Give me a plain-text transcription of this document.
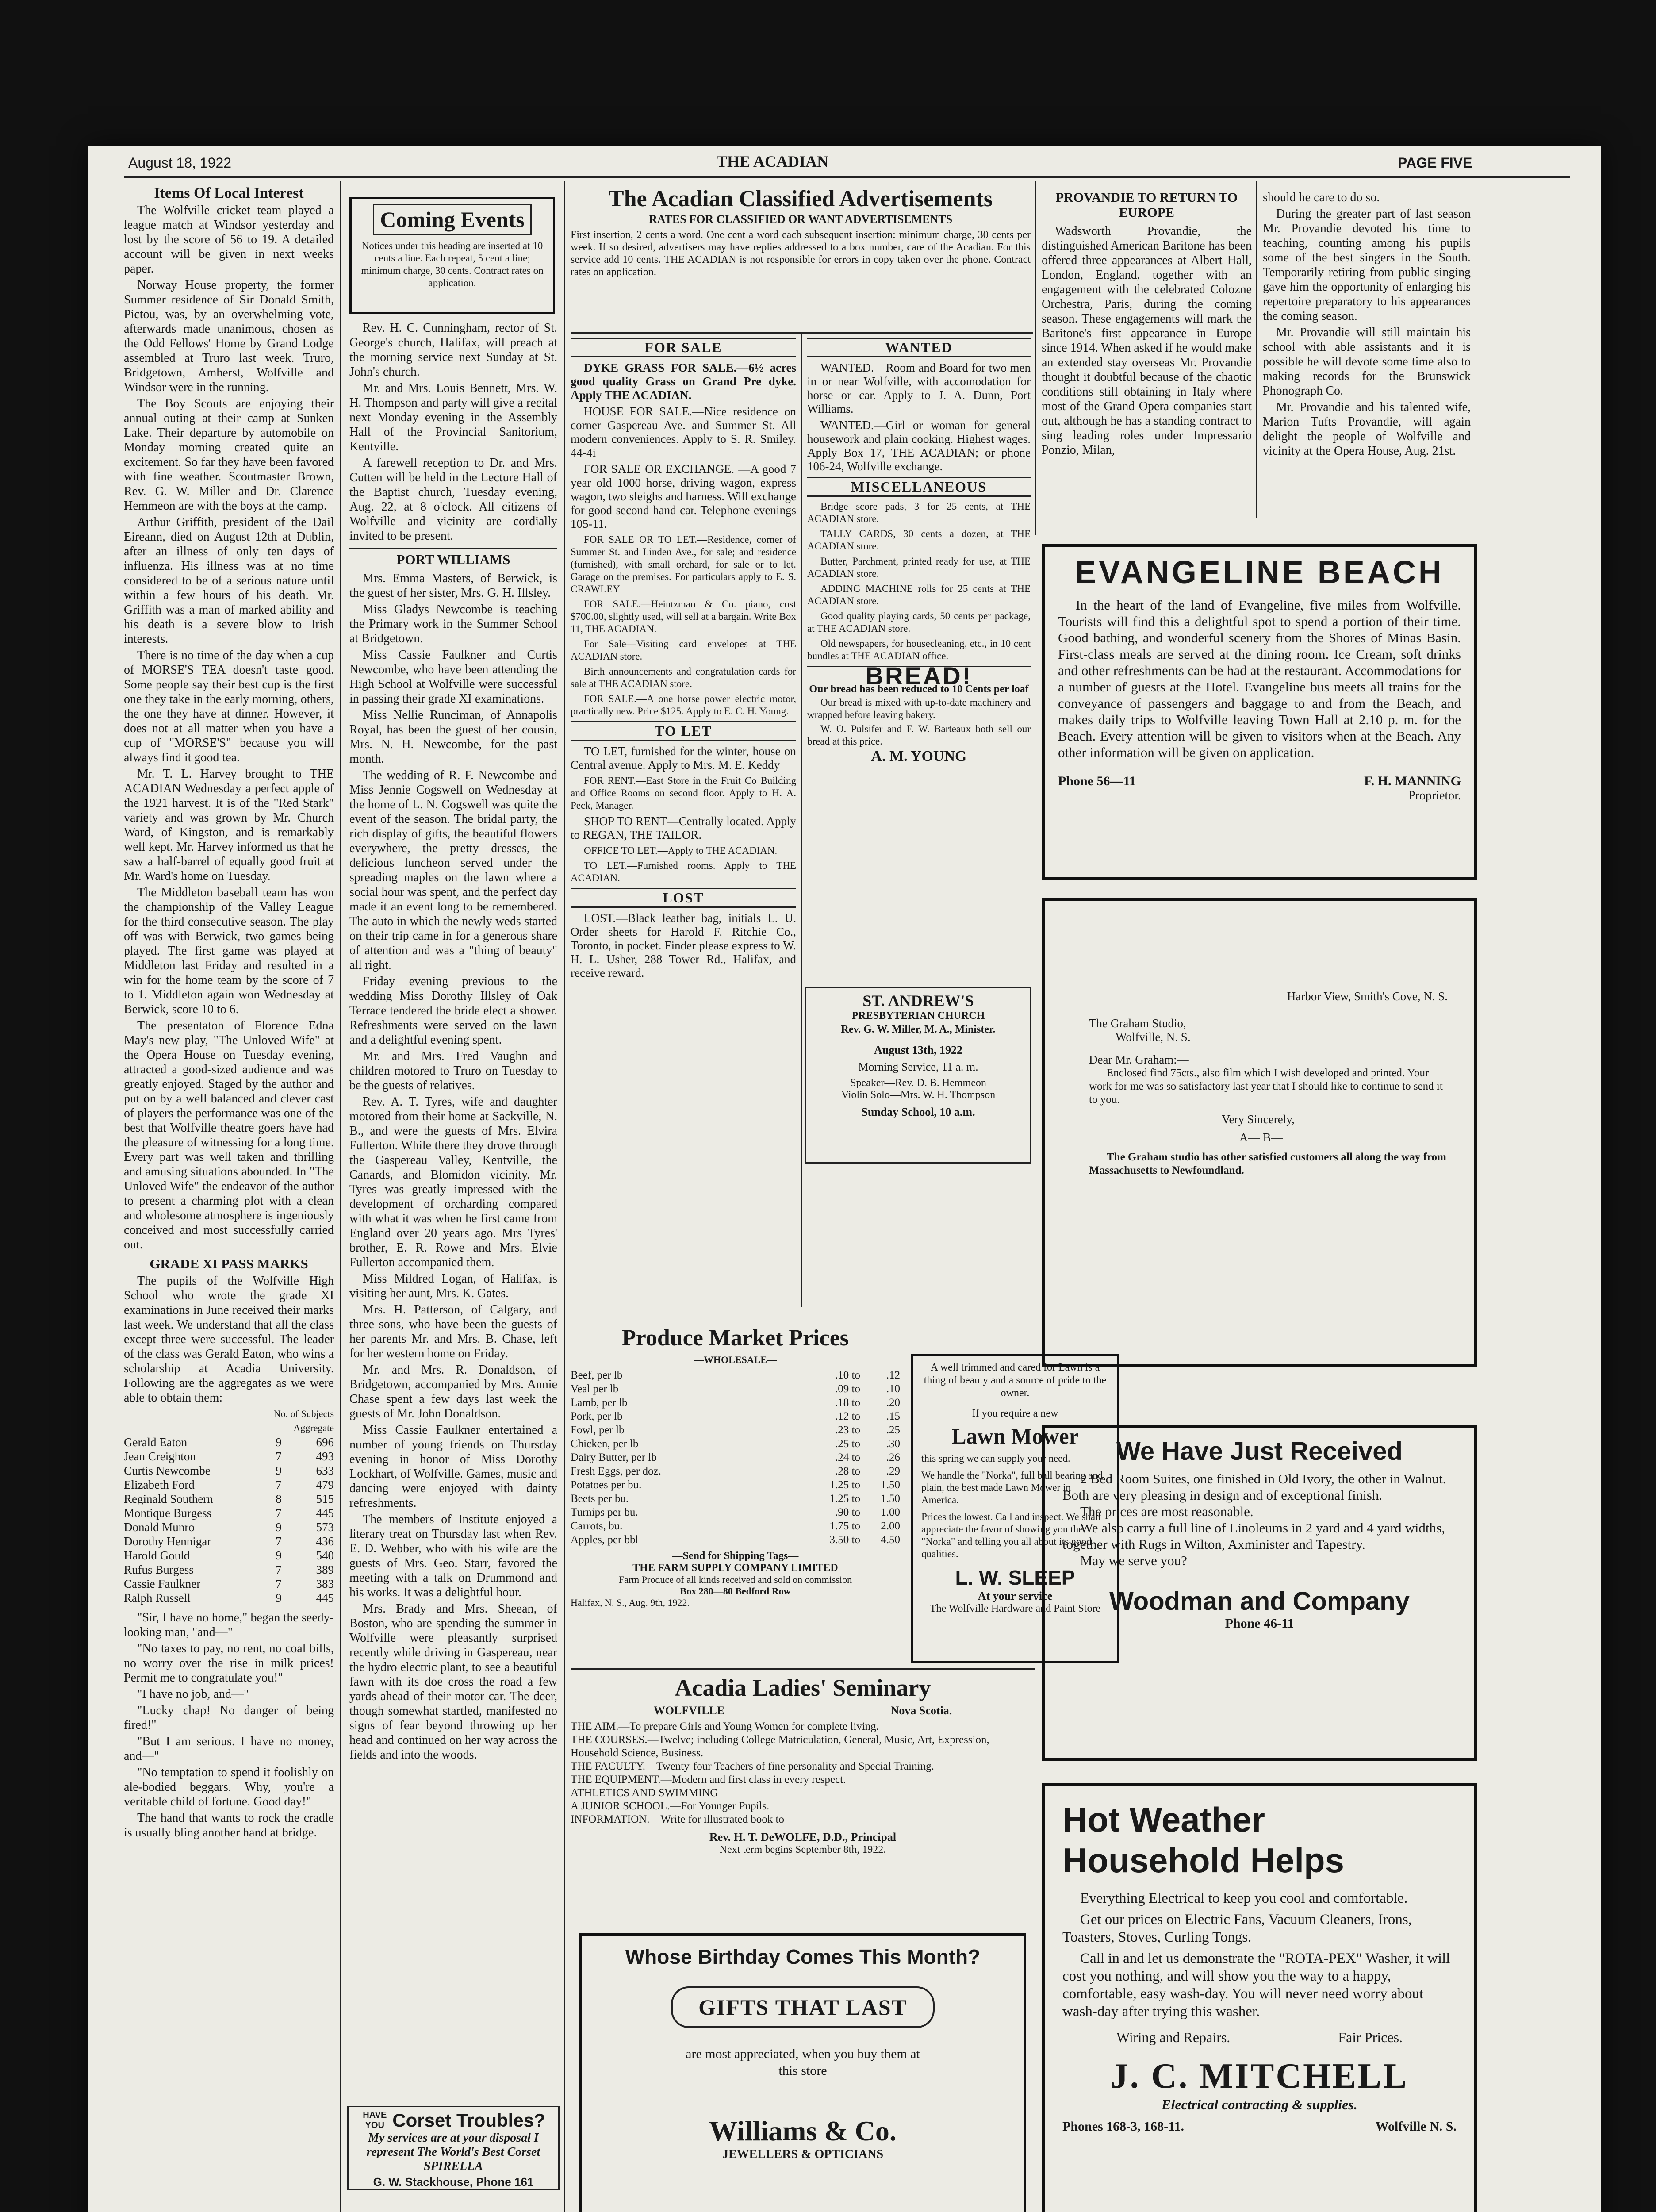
August 18, 1922	THE ACADIAN	PAGE FIVE
Items Of Local Interest

The Wolfville cricket team played a league match at Windsor yesterday and lost by the score of 56 to 19. A detailed account will be given in next weeks paper.

Norway House property, the former Summer residence of Sir Donald Smith, Pictou, was, by an overwhelming vote, afterwards made unanimous, chosen as the Odd Fellows' Home by Grand Lodge assembled at Truro last week. Truro, Bridgetown, Amherst, Wolfville and Windsor were in the running.

The Boy Scouts are enjoying their annual outing at their camp at Sunken Lake. Their departure by automobile on Monday morning created quite an excitement. So far they have been favored with fine weather. Scoutmaster Brown, Rev. G. W. Miller and Dr. Clarence Hemmeon are with the boys at the camp.

Arthur Griffith, president of the Dail Eireann, died on August 12th at Dublin, after an illness of only ten days of influenza. His illness was at no time considered to be of a serious nature until within a few hours of his death. Mr. Griffith was a man of marked ability and his death is a severe blow to Irish interests.

There is no time of the day when a cup of MORSE'S TEA doesn't taste good. Some people say their best cup is the first one they take in the early morning, others, the one they have at dinner. However, it does not at all matter when you have a cup of "MORSE'S" because you will always find it good tea.

Mr. T. L. Harvey brought to THE ACADIAN Wednesday a perfect apple of the 1921 harvest. It is of the "Red Stark" variety and was grown by Mr. Church Ward, of Kingston, and is remarkably well kept. Mr. Harvey informed us that he saw a half-barrel of equally good fruit at Mr. Ward's home on Tuesday.

The Middleton baseball team has won the championship of the Valley League for the third consecutive season. The play off was with Berwick, two games being played. The first game was played at Middleton last Friday and resulted in a win for the home team by the score of 7 to 1. Middleton again won Wednesday at Berwick, score 10 to 6.

The presentaton of Florence Edna May's new play, "The Unloved Wife" at the Opera House on Tuesday evening, attracted a good-sized audience and was greatly enjoyed. Staged by the author and put on by a well balanced and clever cast of players the performance was one of the best that Wolfville theatre goers have had the pleasure of witnessing for a long time. Every part was well taken and thrilling and amusing situations abounded. In "The Unloved Wife" the endeavor of the author to present a charming plot with a clean and wholesome atmosphere is ingeniously conceived and most successfully carried out.

GRADE XI PASS MARKS

The pupils of the Wolfville High School who wrote the grade XI examinations in June received their marks last week. We understand that all the class except three were successful. The leader of the class was Gerald Eaton, who wins a scholarship at Acadia University. Following are the aggregates as we were able to obtain them:

No. of Subjects
Aggregate
Gerald Eaton	9	696
Jean Creighton	7	493
Curtis Newcombe	9	633
Elizabeth Ford	7	479
Reginald Southern	8	515
Montique Burgess	7	445
Donald Munro	9	573
Dorothy Hennigar	7	436
Harold Gould	9	540
Rufus Burgess	7	389
Cassie Faulkner	7	383
Ralph Russell	9	445

"Sir, I have no home," began the seedy-looking man, "and—"

"No taxes to pay, no rent, no coal bills, no worry over the rise in milk prices! Permit me to congratulate you!"

"I have no job, and—"

"Lucky chap! No danger of being fired!"

"But I am serious. I have no money, and—"

"No temptation to spend it foolishly on ale-bodied beggars. Why, you're a veritable child of fortune. Good day!"

The hand that wants to rock the cradle is usually bling another hand at bridge.

Coming Events
Notices under this heading are inserted at 10 cents a line. Each repeat, 5 cent a line; minimum charge, 30 cents. Contract rates on application.

Rev. H. C. Cunningham, rector of St. George's church, Halifax, will preach at the morning service next Sunday at St. John's church.

Mr. and Mrs. Louis Bennett, Mrs. W. H. Thompson and party will give a recital next Monday evening in the Assembly Hall of the Provincial Sanitorium, Kentville.

A farewell reception to Dr. and Mrs. Cutten will be held in the Lecture Hall of the Baptist church, Tuesday evening, Aug. 22, at 8 o'clock. All citizens of Wolfville and vicinity are cordially invited to be present.

PORT WILLIAMS

Mrs. Emma Masters, of Berwick, is the guest of her sister, Mrs. G. H. Illsley.

Miss Gladys Newcombe is teaching the Primary work in the Summer School at Bridgetown.

Miss Cassie Faulkner and Curtis Newcombe, who have been attending the High School at Wolfville were successful in passing their grade XI examinations.

Miss Nellie Runciman, of Annapolis Royal, has been the guest of her cousin, Mrs. N. H. Newcombe, for the past month.

The wedding of R. F. Newcombe and Miss Jennie Cogswell on Wednesday at the home of L. N. Cogswell was quite the event of the season. The bridal party, the rich display of gifts, the beautiful flowers everywhere, the pretty dresses, the delicious luncheon served under the spreading maples on the lawn where a social hour was spent, and the perfect day made it an event long to be remembered. The auto in which the newly weds started on their trip came in for a generous share of attention and was a "thing of beauty" all right.

Friday evening previous to the wedding Miss Dorothy Illsley of Oak Terrace tendered the bride elect a shower. Refreshments were served on the lawn and a delightful evening spent.

Mr. and Mrs. Fred Vaughn and children motored to Truro on Tuesday to be the guests of relatives.

Rev. A. T. Tyres, wife and daughter motored from their home at Sackville, N. B., and were the guests of Mrs. Elvira Fullerton. While there they drove through the Gaspereau Valley, Kentville, the Canards, and Blomidon vicinity. Mr. Tyres was greatly impressed with the development of orcharding compared with what it was when he first came from England over 20 years ago. Mrs Tyres' brother, E. R. Rowe and Mrs. Elvie Fullerton accompanied them.

Miss Mildred Logan, of Halifax, is visiting her aunt, Mrs. K. Gates.

Mrs. H. Patterson, of Calgary, and three sons, who have been the guests of her parents Mr. and Mrs. B. Chase, left for her western home on Friday.

Mr. and Mrs. R. Donaldson, of Bridgetown, accompanied by Mrs. Annie Chase spent a few days last week the guests of Mr. John Donaldson.

Miss Cassie Faulkner entertained a number of young friends on Thursday evening in honor of Miss Dorothy Lockhart, of Wolfville. Games, music and dancing were enjoyed with dainty refreshments.

The members of Institute enjoyed a literary treat on Thursday last when Rev. E. D. Webber, who with his wife are the guests of Mrs. Geo. Starr, favored the meeting with a talk on Drummond and his works. It was a delightful hour.

Mrs. Brady and Mrs. Sheean, of Boston, who are spending the summer in Wolfville were pleasantly surprised recently while driving in Gaspereau, near the hydro electric plant, to see a beautiful fawn with its doe cross the road a few yards ahead of their motor car. The deer, though somewhat startled, manifested no signs of fear beyond throwing up her head and continued on her way across the fields and into the woods.

HAVE YOU Corset Troubles?
My services are at your disposal I represent The World's Best Corset SPIRELLA
G. W. Stackhouse, Phone 161
The Acadian Classified Advertisements
RATES FOR CLASSIFIED OR WANT ADVERTISEMENTS
First insertion, 2 cents a word. One cent a word each subsequent insertion: minimum charge, 30 cents per week. If so desired, advertisers may have replies addressed to a box number, care of the Acadian. For this service add 10 cents. THE ACADIAN is not responsible for errors in copy taken over the phone. Contract rates on application.
FOR SALE

DYKE GRASS FOR SALE.—6½ acres good quality Grass on Grand Pre dyke. Apply THE ACADIAN.

HOUSE FOR SALE.—Nice residence on corner Gaspereau Ave. and Summer St. All modern conveniences. Apply to S. R. Smiley. 44-4i

FOR SALE OR EXCHANGE. —A good 7 year old 1000 horse, driving wagon, express wagon, two sleighs and harness. Will exchange for good second hand car. Telephone evenings 105-11.

FOR SALE OR TO LET.—Residence, corner of Summer St. and Linden Ave., for sale; and residence (furnished), with small orchard, for sale or to let. Garage on the premises. For particulars apply to E. S. CRAWLEY

FOR SALE.—Heintzman & Co. piano, cost $700.00, slightly used, will sell at a bargain. Write Box 11, THE ACADIAN.

For Sale—Visiting card envelopes at THE ACADIAN store.

Birth announcements and congratulation cards for sale at THE ACADIAN store.

FOR SALE.—A one horse power electric motor, practically new. Price $125. Apply to E. C. H. Young.

TO LET

TO LET, furnished for the winter, house on Central avenue. Apply to Mrs. M. E. Keddy

FOR RENT.—East Store in the Fruit Co Building and Office Rooms on second floor. Apply to H. A. Peck, Manager.

SHOP TO RENT—Centrally located. Apply to REGAN, THE TAILOR.

OFFICE TO LET.—Apply to THE ACADIAN.

TO LET.—Furnished rooms. Apply to THE ACADIAN.

LOST

LOST.—Black leather bag, initials L. U. Order sheets for Harold F. Ritchie Co., Toronto, in pocket. Finder please express to W. H. L. Usher, 288 Tower Rd., Halifax, and receive reward.

WANTED

WANTED.—Room and Board for two men in or near Wolfville, with accomodation for horse or car. Apply to J. A. Dunn, Port Williams.

WANTED.—Girl or woman for general housework and plain cooking. Highest wages. Apply Box 17, THE ACADIAN; or phone 106-24, Wolfville exchange.

MISCELLANEOUS

Bridge score pads, 3 for 25 cents, at THE ACADIAN store.

TALLY CARDS, 30 cents a dozen, at THE ACADIAN store.

Butter, Parchment, printed ready for use, at THE ACADIAN store.

ADDING MACHINE rolls for 25 cents at THE ACADIAN store.

Good quality playing cards, 50 cents per package, at THE ACADIAN store.

Old newspapers, for housecleaning, etc., in 10 cent bundles at THE ACADIAN office.

BREAD!
Our bread has been reduced to 10 Cents per loaf

Our bread is mixed with up-to-date machinery and wrapped before leaving bakery.

W. O. Pulsifer and F. W. Barteaux both sell our bread at this price.

A. M. YOUNG
ST. ANDREW'S
PRESBYTERIAN CHURCH
Rev. G. W. Miller, M. A., Minister.
August 13th, 1922
Morning Service, 11 a. m.
Speaker—Rev. D. B. Hemmeon
Violin Solo—Mrs. W. H. Thompson
Sunday School, 10 a.m.
Produce Market Prices
—WHOLESALE—
Beef, per lb	.10 to	.12
Veal per lb	.09 to	.10
Lamb, per lb	.18 to	.20
Pork, per lb	.12 to	.15
Fowl, per lb	.23 to	.25
Chicken, per lb	.25 to	.30
Dairy Butter, per lb	.24 to	.26
Fresh Eggs, per doz.	.28 to	.29
Potatoes per bu.	1.25 to	1.50
Beets per bu.	1.25 to	1.50
Turnips per bu.	.90 to	1.00
Carrots, bu.	1.75 to	2.00
Apples, per bbl	3.50 to	4.50
—Send for Shipping Tags—
THE FARM SUPPLY COMPANY LIMITED
Farm Produce of all kinds received and sold on commission
Box 280—80 Bedford Row
Halifax, N. S., Aug. 9th, 1922.
A well trimmed and cared for Lawn is a thing of beauty and a source of pride to the owner.
If you require a new
Lawn Mower
this spring we can supply your need.
We handle the "Norka", full ball bearing and plain, the best made Lawn Mower in America.
Prices the lowest. Call and inspect. We shall appreciate the favor of showing you the "Norka" and telling you all about its good qualities.
L. W. SLEEP
At your service
The Wolfville Hardware and Paint Store
PROVANDIE TO RETURN TO EUROPE

Wadsworth Provandie, the distinguished American Baritone has been offered three appearances at Albert Hall, London, England, together with an engagement with the celebrated Colozne Orchestra, Paris, during the coming season. These engagements will mark the Baritone's first appearance in Europe since 1914. When asked if he would make an extended stay overseas Mr. Provandie thought it doubtful because of the chaotic conditions still obtaining in Italy where most of the Grand Opera companies start out, although he has a standing contract to sing leading roles under Impressario Ponzio, Milan,

should he care to do so.

During the greater part of last season Mr. Provandie devoted his time to teaching, counting among his pupils some of the best singers in the South. Temporarily retiring from public singing gave him the opportunity of enlarging his repertoire preparatory to his appearances the coming season.

Mr. Provandie will still maintain his school with able assistants and it is possible he will devote some time also to making records for the Brunswick Phonograph Co.

Mr. Provandie and his talented wife, Marion Tufts Provandie, will again delight the people of Wolfville and vicinity at the Opera House, Aug. 21st.

EVANGELINE BEACH
In the heart of the land of Evangeline, five miles from Wolfville. Tourists will find this a delightful spot to spend a portion of their time. Good bathing, and wonderful scenery from the Shores of Minas Basin. First-class meals are served at the dining room. Ice Cream, soft drinks and other refreshments can be had at the restaurant. Accommodations for a number of guests at the Hotel. Evangeline bus meets all trains for the conveyance of passengers and baggage to and from the Beach, and makes daily trips to Wolfville leaving Town Hall at 2.10 p. m. for the Beach. Every attention will be given to visitors when at the Beach. Any other information will be given on application.
Phone 56—11	F. H. MANNING
Proprietor.
Harbor View, Smith's Cove, N. S.
The Graham Studio,
Wolfville, N. S.
Dear Mr. Graham:—
Enclosed find 75cts., also film which I wish developed and printed. Your work for me was so satisfactory last year that I should like to continue to send it to you.
Very Sincerely,
A— B—
The Graham studio has other satisfied customers all along the way from Massachusetts to Newfoundland.
We Have Just Received
2 Bed Room Suites, one finished in Old Ivory, the other in Walnut. Both are very pleasing in design and of exceptional finish.
The prices are most reasonable.
We also carry a full line of Linoleums in 2 yard and 4 yard widths, together with Rugs in Wilton, Axminister and Tapestry.
May we serve you?
Woodman and Company
Phone 46-11
Acadia Ladies' Seminary
WOLFVILLE	Nova Scotia.
THE AIM.—To prepare Girls and Young Women for complete living.
THE COURSES.—Twelve; including College Matriculation, General, Music, Art, Expression, Household Science, Business.
THE FACULTY.—Twenty-four Teachers of fine personality and Special Training.
THE EQUIPMENT.—Modern and first class in every respect.
ATHLETICS AND SWIMMING
A JUNIOR SCHOOL.—For Younger Pupils.
INFORMATION.—Write for illustrated book to
Rev. H. T. DeWOLFE, D.D., Principal
Next term begins September 8th, 1922.
Whose Birthday Comes This Month?
GIFTS THAT LAST
are most appreciated, when you buy them at this store
Williams & Co.
JEWELLERS & OPTICIANS
Hot Weather Household Helps
Everything Electrical to keep you cool and comfortable.
Get our prices on Electric Fans, Vacuum Cleaners, Irons, Toasters, Stoves, Curling Tongs.
Call in and let us demonstrate the "ROTA-PEX" Washer, it will cost you nothing, and will show you the way to a happy, comfortable, easy wash-day. You will never need worry about wash-day after trying this washer.
Wiring and Repairs.	Fair Prices.
J. C. MITCHELL
Electrical contracting & supplies.
Phones 168-3, 168-11.	Wolfville N. S.
